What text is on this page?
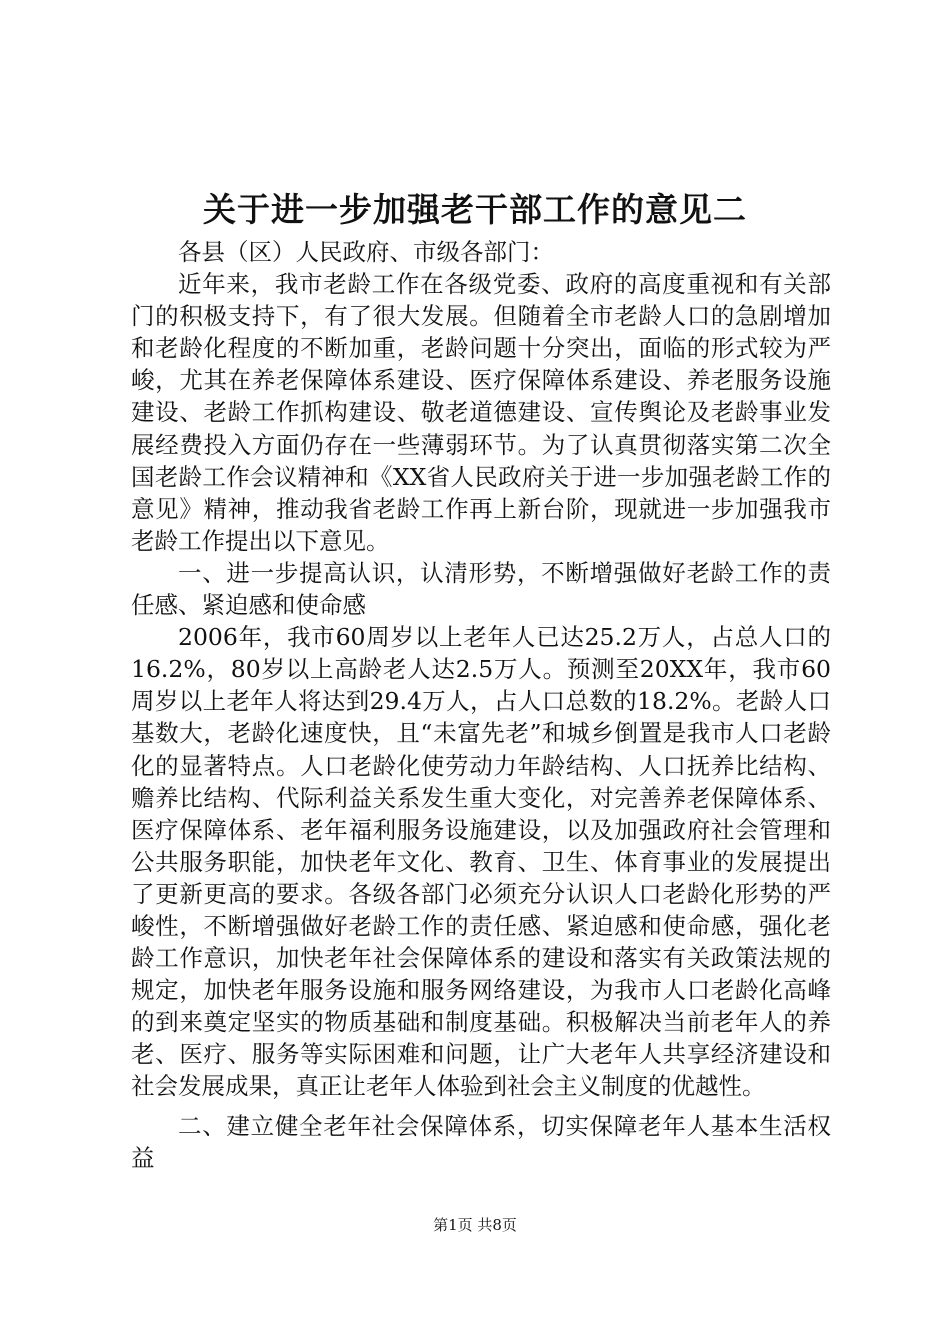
关于进一步加强老干部工作的意见二

各县（区）人民政府、市级各部门：

近年来，我市老龄工作在各级党委、政府的高度重视和有关部门的积极支持下，有了很大发展。但随着全市老龄人口的急剧增加和老龄化程度的不断加重，老龄问题十分突出，面临的形式较为严峻，尤其在养老保障体系建设、医疗保障体系建设、养老服务设施建设、老龄工作抓构建设、敬老道德建设、宣传舆论及老龄事业发展经费投入方面仍存在一些薄弱环节。为了认真贯彻落实第二次全国老龄工作会议精神和《XX省人民政府关于进一步加强老龄工作的意见》精神，推动我省老龄工作再上新台阶，现就进一步加强我市老龄工作提出以下意见。

一、进一步提高认识，认清形势，不断增强做好老龄工作的责任感、紧迫感和使命感

2006年，我市60周岁以上老年人已达25.2万人，占总人口的16.2%，80岁以上高龄老人达2.5万人。预测至20XX年，我市60周岁以上老年人将达到29.4万人，占人口总数的18.2%。老龄人口基数大，老龄化速度快，且“未富先老”和城乡倒置是我市人口老龄化的显著特点。人口老龄化使劳动力年龄结构、人口抚养比结构、赡养比结构、代际利益关系发生重大变化，对完善养老保障体系、医疗保障体系、老年福利服务设施建设，以及加强政府社会管理和公共服务职能，加快老年文化、教育、卫生、体育事业的发展提出了更新更高的要求。各级各部门必须充分认识人口老龄化形势的严峻性，不断增强做好老龄工作的责任感、紧迫感和使命感，强化老龄工作意识，加快老年社会保障体系的建设和落实有关政策法规的规定，加快老年服务设施和服务网络建设，为我市人口老龄化高峰的到来奠定坚实的物质基础和制度基础。积极解决当前老年人的养老、医疗、服务等实际困难和问题，让广大老年人共享经济建设和社会发展成果，真正让老年人体验到社会主义制度的优越性。

二、建立健全老年社会保障体系，切实保障老年人基本生活权益

第1页 共8页
